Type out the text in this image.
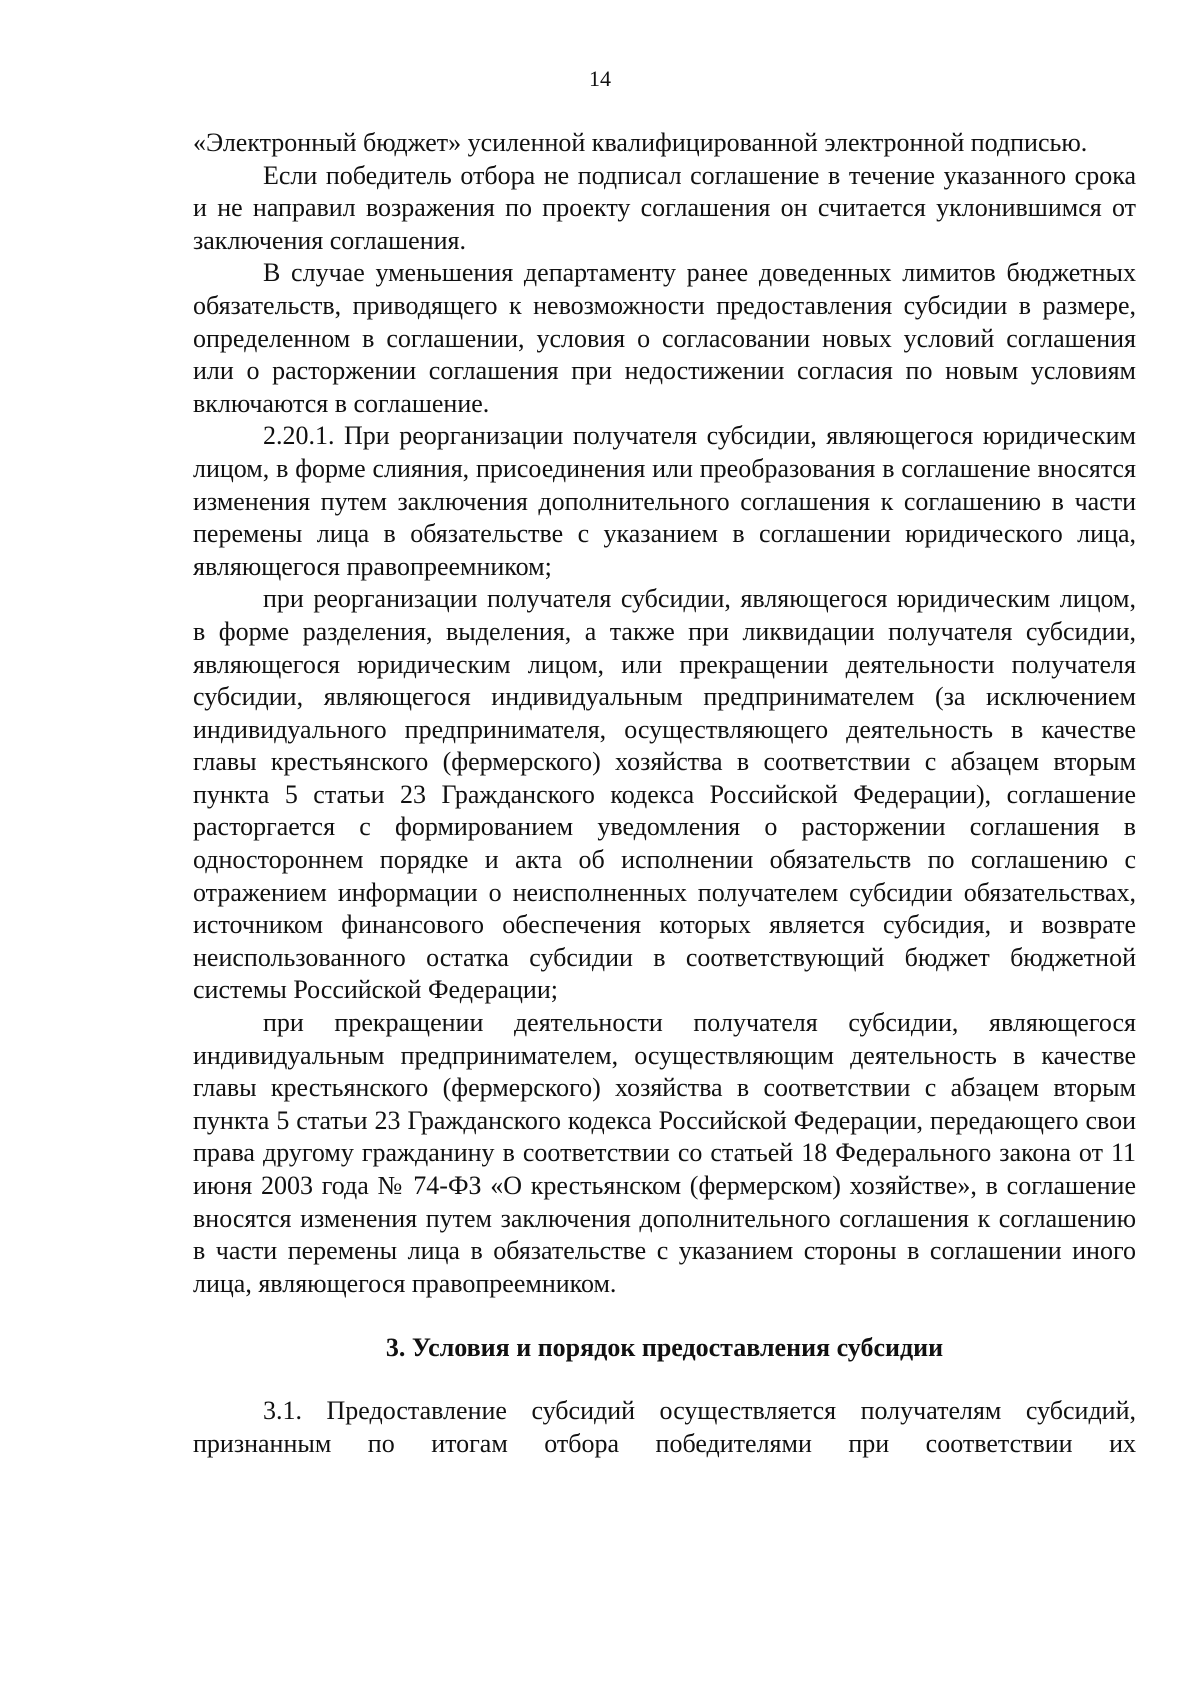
14

«Электронный бюджет» усиленной квалифицированной электронной подписью.

Если победитель отбора не подписал соглашение в течение указанного срока и не направил возражения по проекту соглашения он считается уклонившимся от заключения соглашения.

В случае уменьшения департаменту ранее доведенных лимитов бюджетных обязательств, приводящего к невозможности предоставления субсидии в размере, определенном в соглашении, условия о согласовании новых условий соглашения или о расторжении соглашения при недостижении согласия по новым условиям включаются в соглашение.

2.20.1. При реорганизации получателя субсидии, являющегося юридическим лицом, в форме слияния, присоединения или преобразования в соглашение вносятся изменения путем заключения дополнительного соглашения к соглашению в части перемены лица в обязательстве с указанием в соглашении юридического лица, являющегося правопреемником;

при реорганизации получателя субсидии, являющегося юридическим лицом, в форме разделения, выделения, а также при ликвидации получателя субсидии, являющегося юридическим лицом, или прекращении деятельности получателя субсидии, являющегося индивидуальным предпринимателем (за исключением индивидуального предпринимателя, осуществляющего деятельность в качестве главы крестьянского (фермерского) хозяйства в соответствии с абзацем вторым пункта 5 статьи 23 Гражданского кодекса Российской Федерации), соглашение расторгается с формированием уведомления о расторжении соглашения в одностороннем порядке и акта об исполнении обязательств по соглашению с отражением информации о неисполненных получателем субсидии обязательствах, источником финансового обеспечения которых является субсидия, и возврате неиспользованного остатка субсидии в соответствующий бюджет бюджетной системы Российской Федерации;

при прекращении деятельности получателя субсидии, являющегося индивидуальным предпринимателем, осуществляющим деятельность в качестве главы крестьянского (фермерского) хозяйства в соответствии с абзацем вторым пункта 5 статьи 23 Гражданского кодекса Российской Федерации, передающего свои права другому гражданину в соответствии со статьей 18 Федерального закона от 11 июня 2003 года № 74-ФЗ «О крестьянском (фермерском) хозяйстве», в соглашение вносятся изменения путем заключения дополнительного соглашения к соглашению в части перемены лица в обязательстве с указанием стороны в соглашении иного лица, являющегося правопреемником.

3. Условия и порядок предоставления субсидии

3.1. Предоставление субсидий осуществляется получателям субсидий, признанным по итогам отбора победителями при соответствии их
